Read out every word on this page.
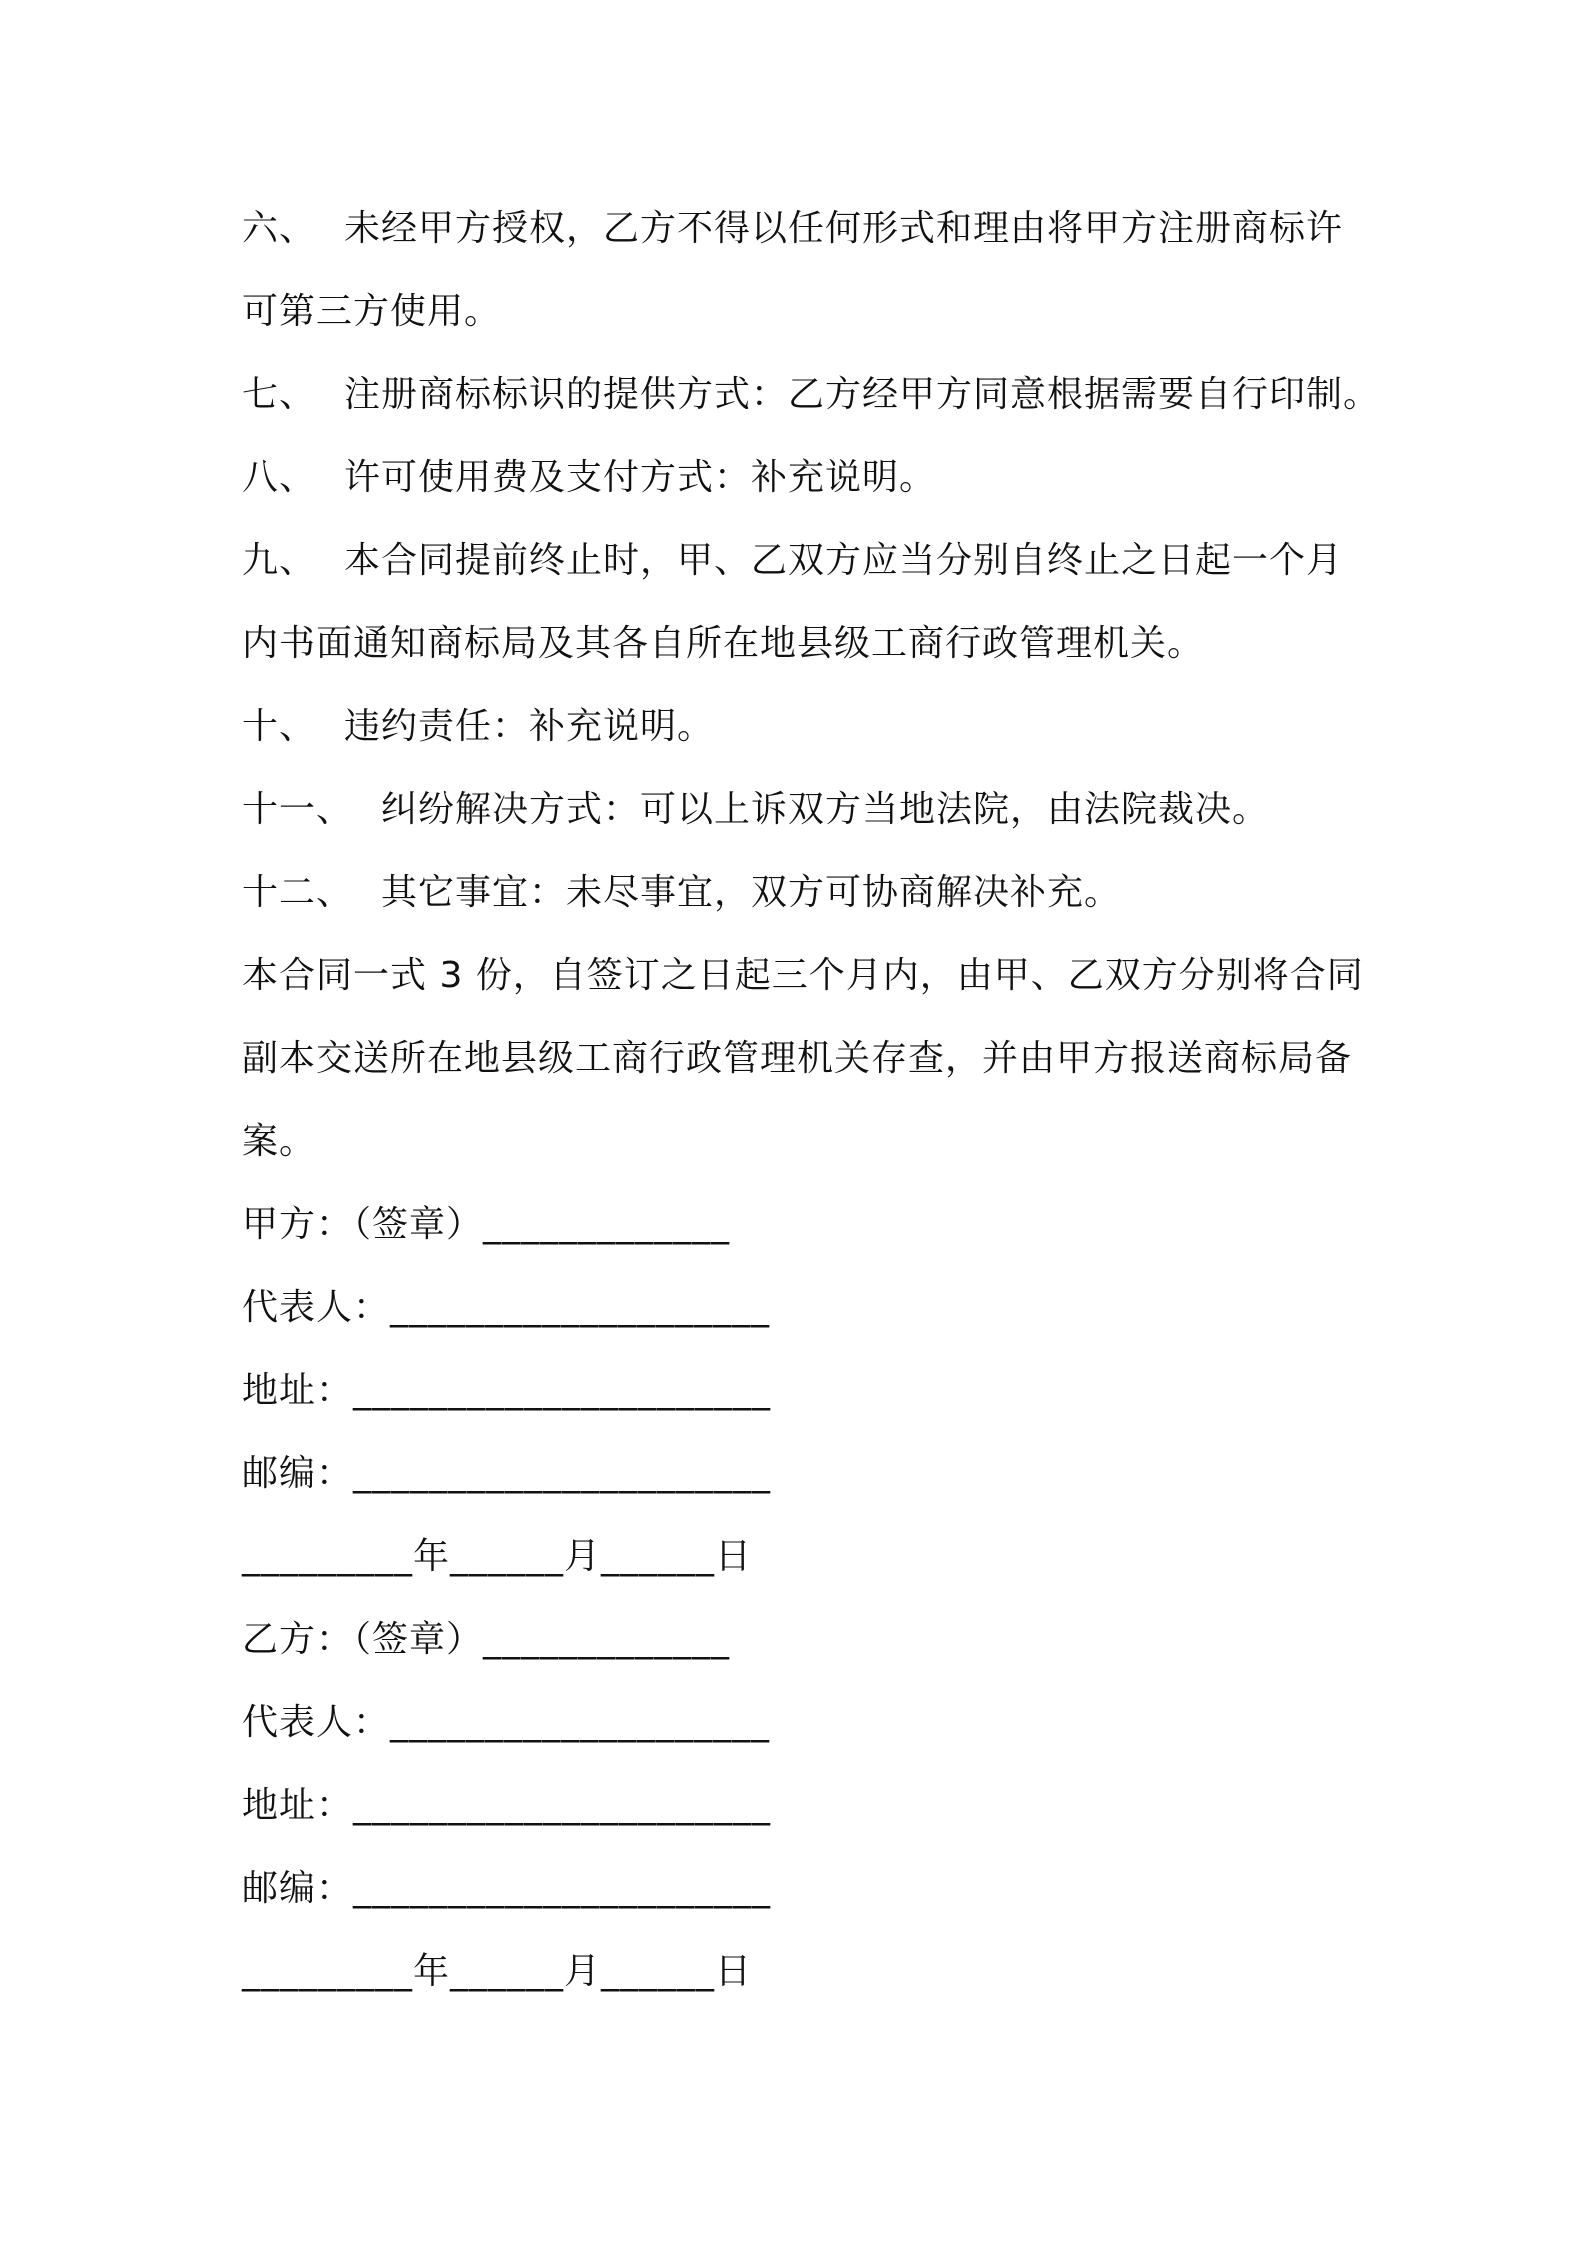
六、 未经甲方授权，乙方不得以任何形式和理由将甲方注册商标许

可第三方使用。

七、 注册商标标识的提供方式：乙方经甲方同意根据需要自行印制。

八、 许可使用费及支付方式：补充说明。

九、 本合同提前终止时，甲、乙双方应当分别自终止之日起一个月

内书面通知商标局及其各自所在地县级工商行政管理机关。

十、 违约责任：补充说明。

十一、 纠纷解决方式：可以上诉双方当地法院，由法院裁决。

十二、 其它事宜：未尽事宜，双方可协商解决补充。

本合同一式 3 份，自签订之日起三个月内，由甲、乙双方分别将合同

副本交送所在地县级工商行政管理机关存查，并由甲方报送商标局备

案。

甲方：（签章）_____________

代表人：____________________

地址：______________________

邮编：______________________

_________年______月______日

乙方：（签章）_____________

代表人：____________________

地址：______________________

邮编：______________________

_________年______月______日
